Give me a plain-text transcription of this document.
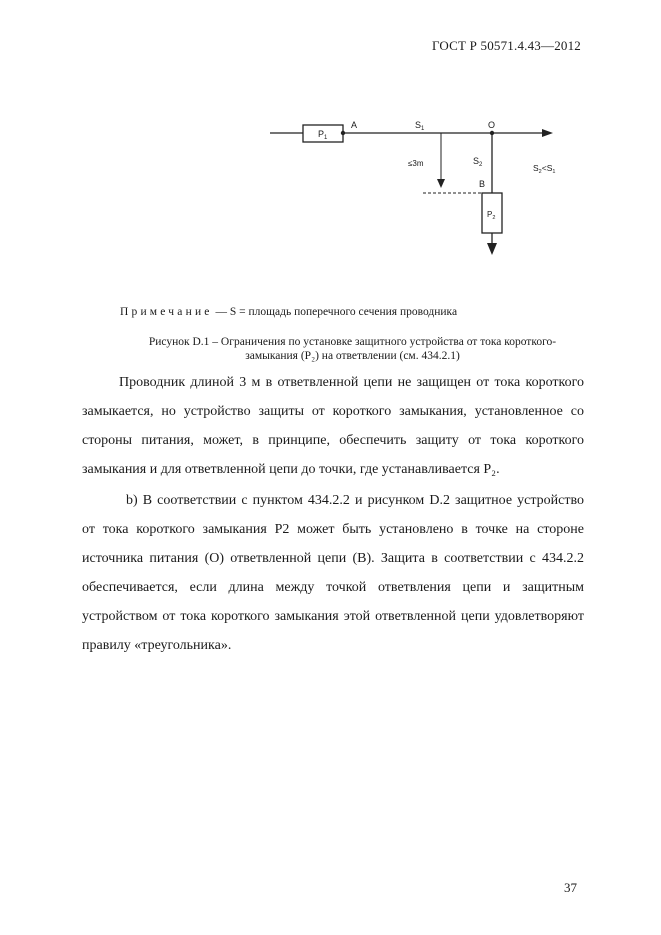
ГОСТ Р 50571.4.43—2012
$P_1$
A	$S_1$	O
≤3m	$S_2$
B
$P_2$
$S_2<S_1$
Примечание — S = площадь поперечного сечения проводника
Рисунок D.1 – Ограничения по установке защитного устройства от тока короткого-
замыкания (P₂) на ответвлении (см. 434.2.1)

Проводник длиной 3 м в ответвленной цепи не защищен от тока короткого замыкается, но устройство защиты от короткого замыкания, установленное со стороны питания, может, в принципе, обеспечить защиту от тока короткого замыкания и для ответвленной цепи до точки, где устанавливается P₂.

b) В соответствии с пунктом 434.2.2 и рисунком D.2 защитное устройство от тока короткого замыкания P2 может быть установлено в точке на стороне источника питания (O) ответвленной цепи (B). Защита в соответствии с 434.2.2 обеспечивается, если длина между точкой ответвления цепи и защитным устройством от тока короткого замыкания этой ответвленной цепи удовлетворяют правилу «треугольника».

37
